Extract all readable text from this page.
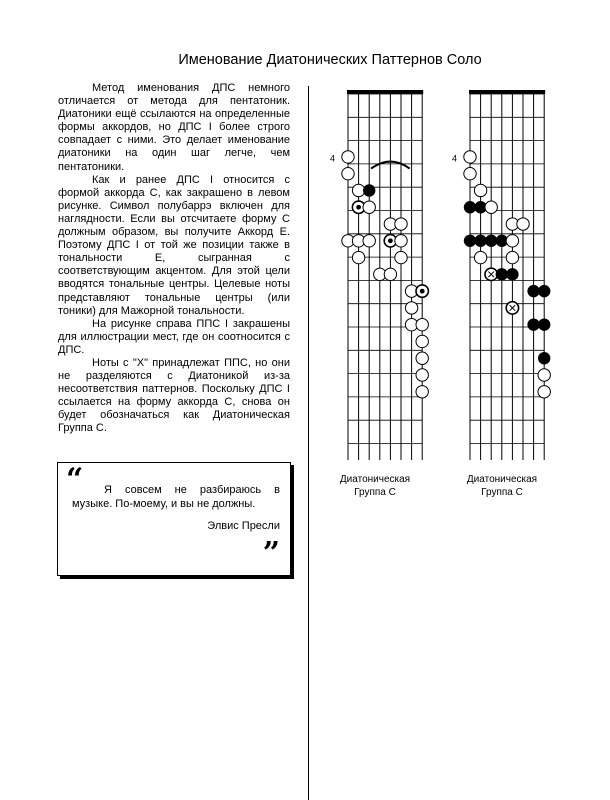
Именование Диатонических Паттернов Соло

Метод именования ДПС немного отличается от метода для пентатоник. Диатоники ещё ссылаются на определенные формы аккордов, но ДПС I более строго совпадает с ними. Это делает именование диатоники на один шаг легче, чем пентатоники.

Как и ранее ДПС I относится с формой аккорда С, как закрашено в левом рисунке. Символ полубаррэ включен для наглядности. Если вы отсчитаете форму С должным образом, вы получите Аккорд Е. Поэтому ДПС I от той же позиции также в тональности Е, сыгранная с соответствующим акцентом. Для этой цели вводятся тональные центры. Целевые ноты представляют тональные центры (или тоники) для Мажорной тональности.

На рисунке справа ППС I закрашены для иллюстрации мест, где он соотносится с ДПС.

Ноты с "X" принадлежат ППС, но они не разделяются с Диатоникой из-за несоответствия паттернов. Поскольку ДПС I ссылается на форму аккорда С, снова он будет обозначаться как Диатоническая Группа С.

“	Я совсем не разбираюсь в музыке. По-моему, и вы не должны.
Элвис Пресли
”
4	4
Диатоническая
Группа С
Диатоническая
Группа С
